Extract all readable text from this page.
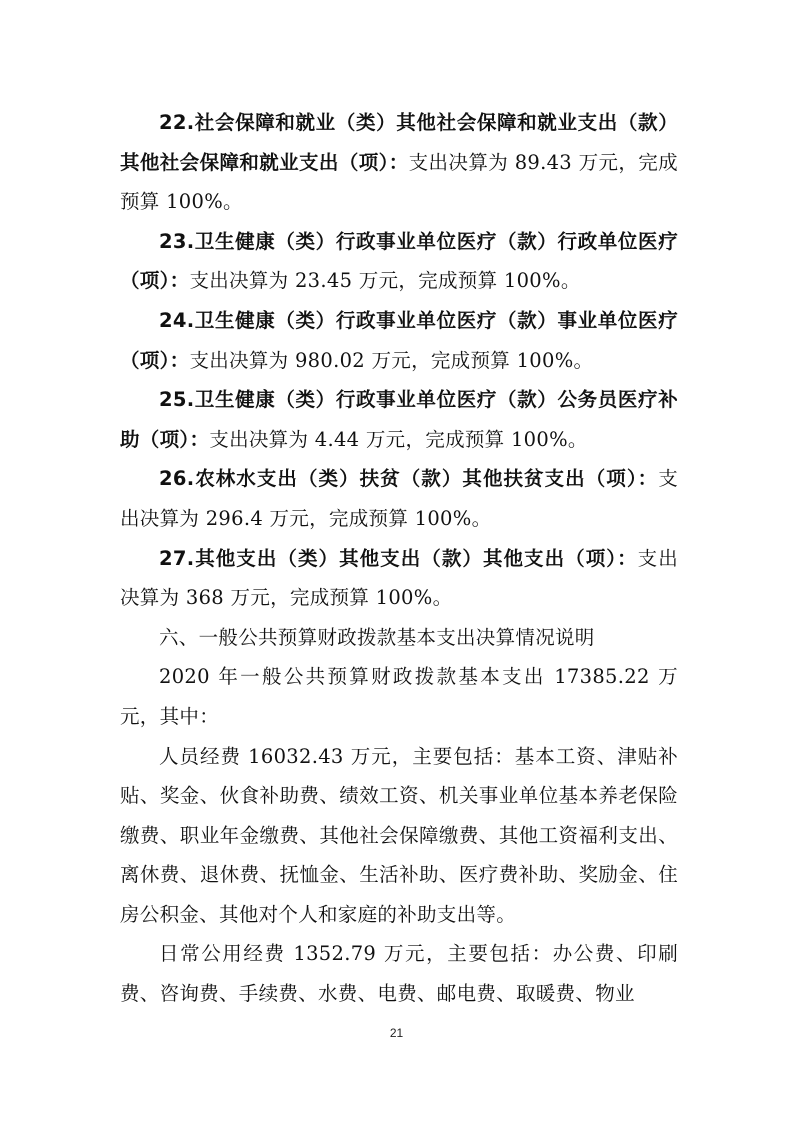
22.社会保障和就业（类）其他社会保障和就业支出（款）其他社会保障和就业支出（项）：支出决算为 89.43 万元，完成预算 100%。

23.卫生健康（类）行政事业单位医疗（款）行政单位医疗（项）：支出决算为 23.45 万元，完成预算 100%。

24.卫生健康（类）行政事业单位医疗（款）事业单位医疗（项）：支出决算为 980.02 万元，完成预算 100%。

25.卫生健康（类）行政事业单位医疗（款）公务员医疗补助（项）：支出决算为 4.44 万元，完成预算 100%。

26.农林水支出（类）扶贫（款）其他扶贫支出（项）：支出决算为 296.4 万元，完成预算 100%。

27.其他支出（类）其他支出（款）其他支出（项）：支出决算为 368 万元，完成预算 100%。

六、一般公共预算财政拨款基本支出决算情况说明

2020 年一般公共预算财政拨款基本支出 17385.22 万元，其中：

人员经费 16032.43 万元，主要包括：基本工资、津贴补贴、奖金、伙食补助费、绩效工资、机关事业单位基本养老保险缴费、职业年金缴费、其他社会保障缴费、其他工资福利支出、离休费、退休费、抚恤金、生活补助、医疗费补助、奖励金、住房公积金、其他对个人和家庭的补助支出等。

日常公用经费 1352.79 万元，主要包括：办公费、印刷费、咨询费、手续费、水费、电费、邮电费、取暖费、物业

21
